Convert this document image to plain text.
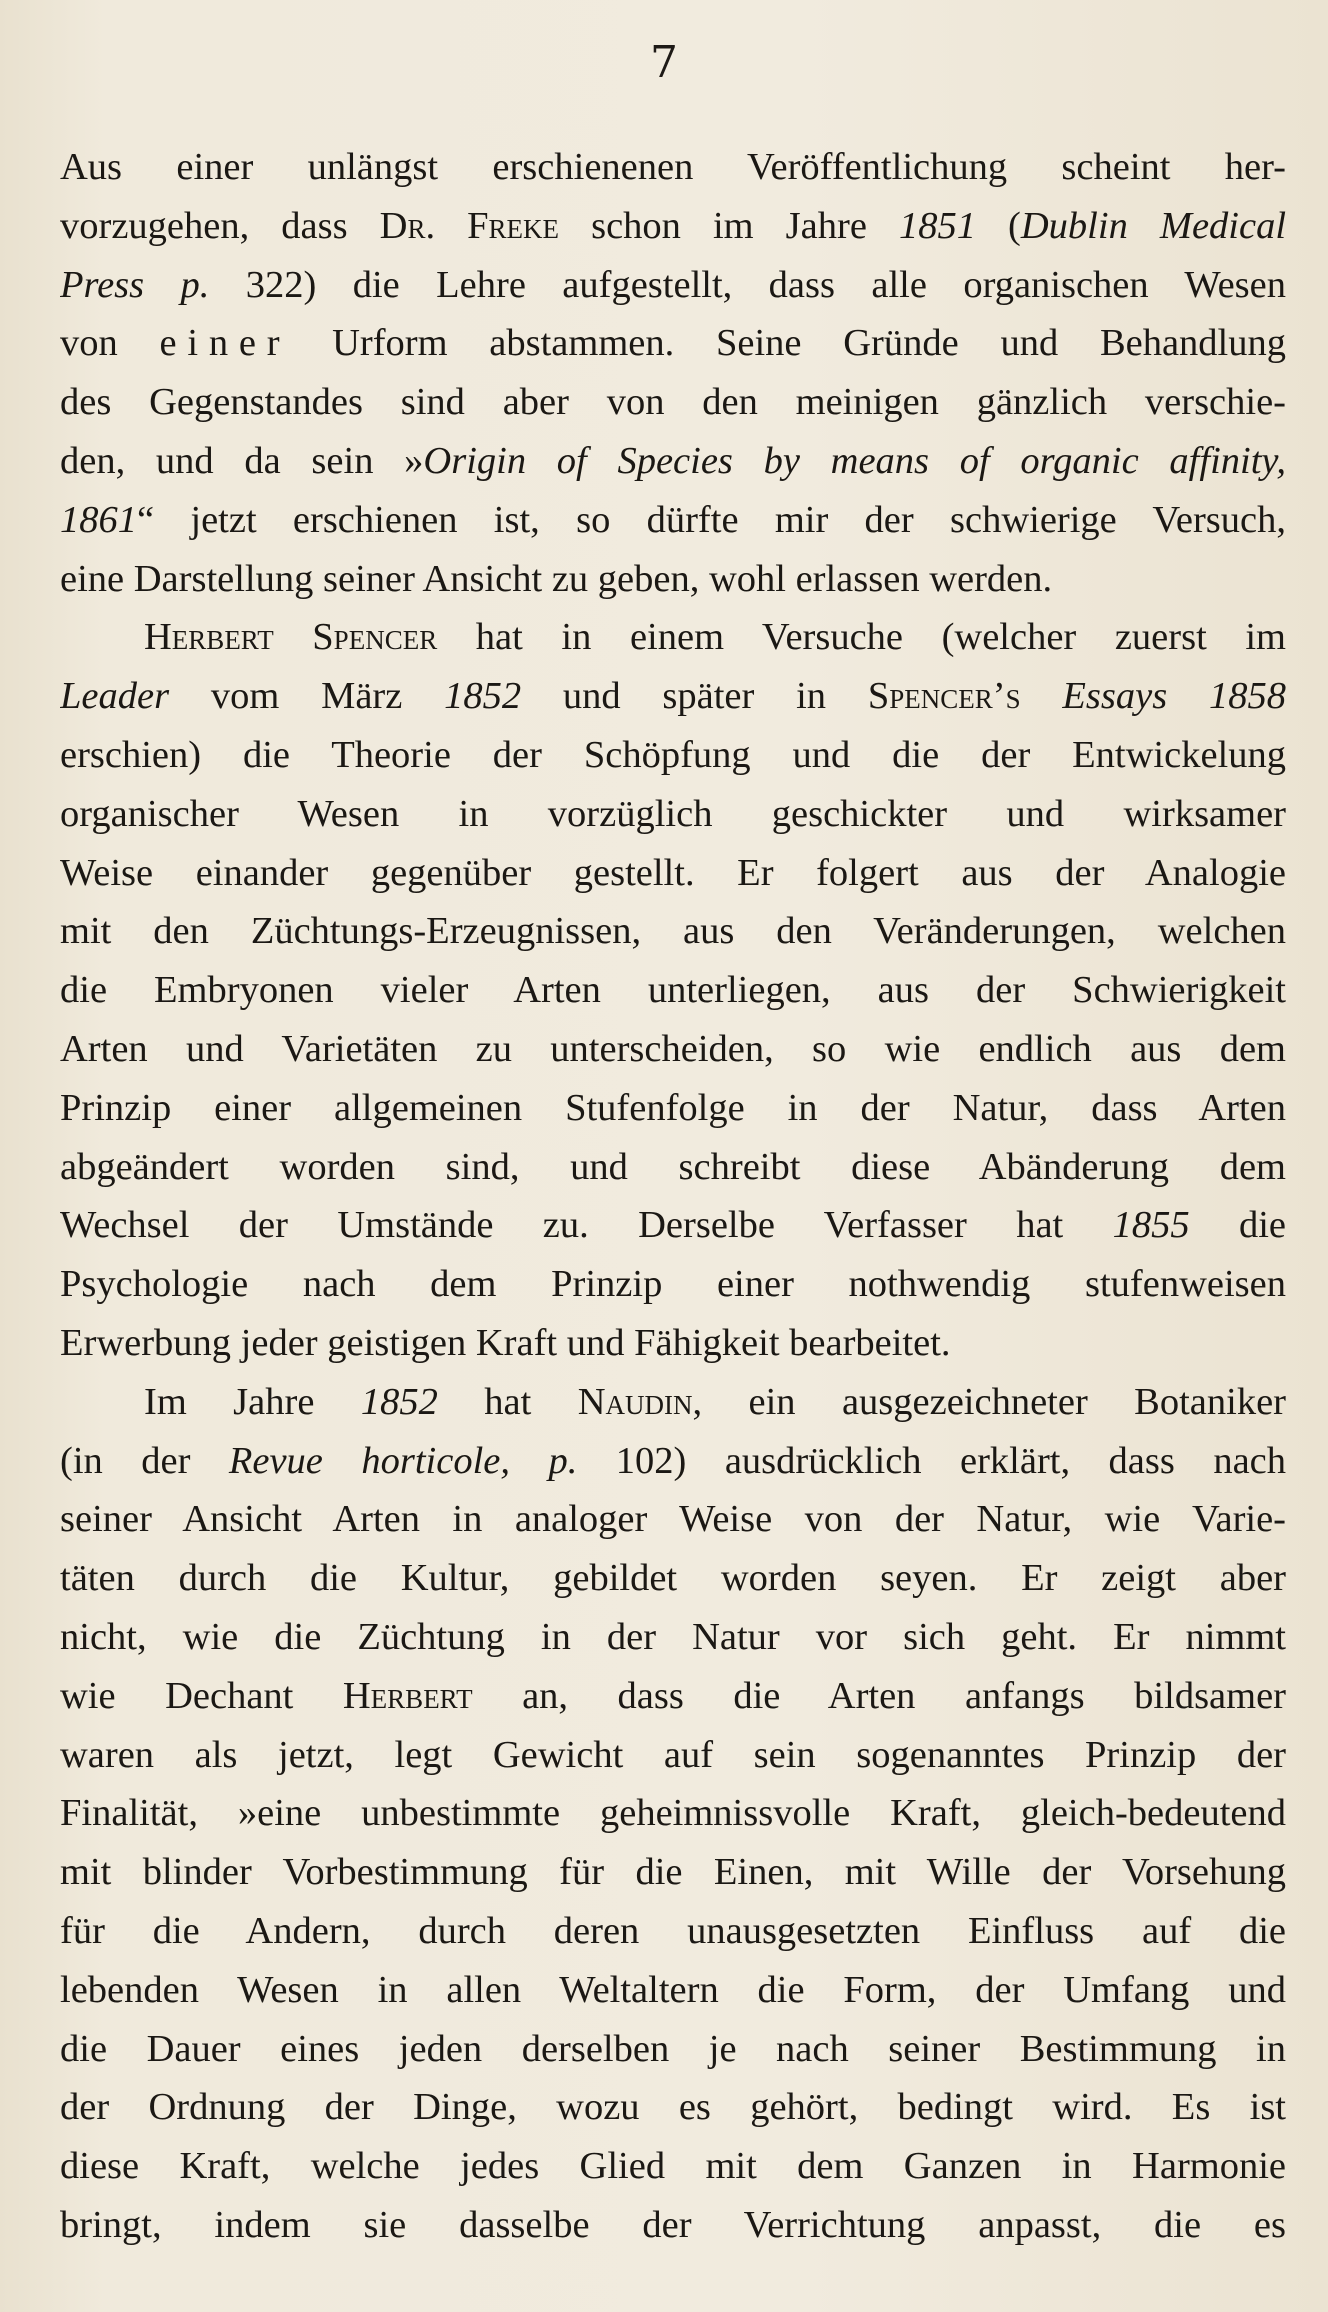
7
Aus einer unlängst erschienenen Veröffentlichung scheint her-
vorzugehen, dass Dr. Freke schon im Jahre 1851 (Dublin Medical
Press p. 322) die Lehre aufgestellt, dass alle organischen Wesen
von einer Urform abstammen. Seine Gründe und Behandlung
des Gegenstandes sind aber von den meinigen gänzlich verschie-
den, und da sein »Origin of Species by means of organic affinity,
1861“ jetzt erschienen ist, so dürfte mir der schwierige Versuch,
eine Darstellung seiner Ansicht zu geben, wohl erlassen werden.
Herbert Spencer hat in einem Versuche (welcher zuerst im
Leader vom März 1852 und später in Spencer’s Essays 1858
erschien) die Theorie der Schöpfung und die der Entwickelung
organischer Wesen in vorzüglich geschickter und wirksamer
Weise einander gegenüber gestellt. Er folgert aus der Analogie
mit den Züchtungs-Erzeugnissen, aus den Veränderungen, welchen
die Embryonen vieler Arten unterliegen, aus der Schwierigkeit
Arten und Varietäten zu unterscheiden, so wie endlich aus dem
Prinzip einer allgemeinen Stufenfolge in der Natur, dass Arten
abgeändert worden sind, und schreibt diese Abänderung dem
Wechsel der Umstände zu. Derselbe Verfasser hat 1855 die
Psychologie nach dem Prinzip einer nothwendig stufenweisen
Erwerbung jeder geistigen Kraft und Fähigkeit bearbeitet.
Im Jahre 1852 hat Naudin, ein ausgezeichneter Botaniker
(in der Revue horticole, p. 102) ausdrücklich erklärt, dass nach
seiner Ansicht Arten in analoger Weise von der Natur, wie Varie-
täten durch die Kultur, gebildet worden seyen. Er zeigt aber
nicht, wie die Züchtung in der Natur vor sich geht. Er nimmt
wie Dechant Herbert an, dass die Arten anfangs bildsamer
waren als jetzt, legt Gewicht auf sein sogenanntes Prinzip der
Finalität, »eine unbestimmte geheimnissvolle Kraft, gleich-bedeutend
mit blinder Vorbestimmung für die Einen, mit Wille der Vorsehung
für die Andern, durch deren unausgesetzten Einfluss auf die
lebenden Wesen in allen Weltaltern die Form, der Umfang und
die Dauer eines jeden derselben je nach seiner Bestimmung in
der Ordnung der Dinge, wozu es gehört, bedingt wird. Es ist
diese Kraft, welche jedes Glied mit dem Ganzen in Harmonie
bringt, indem sie dasselbe der Verrichtung anpasst, die es
